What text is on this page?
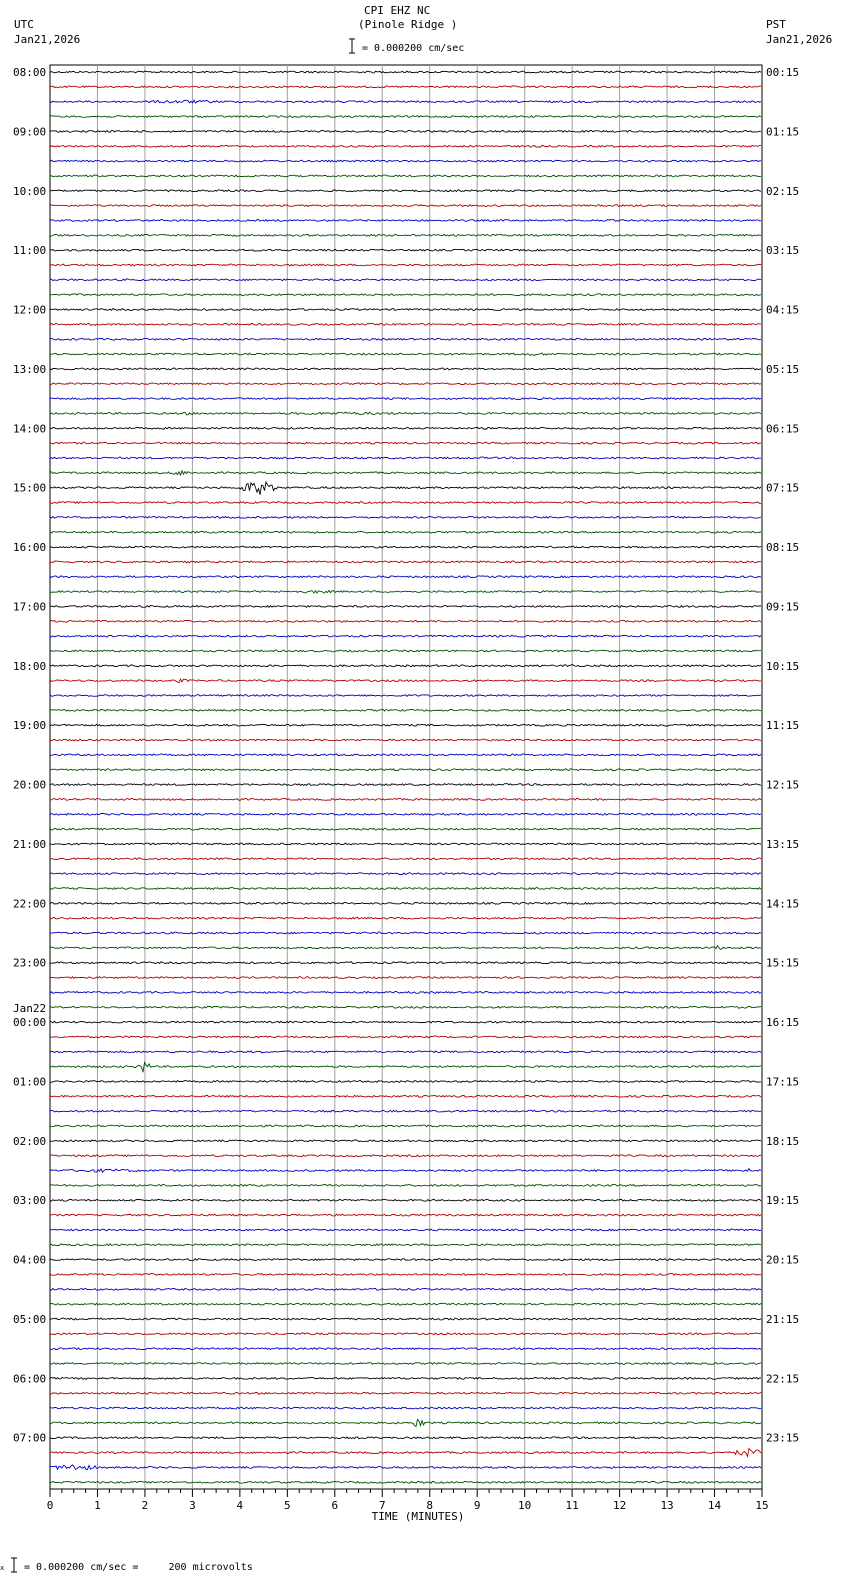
CPI EHZ NC
(Pinole Ridge )
= 0.000200 cm/sec
UTC
Jan21,2026
PST
Jan21,2026
08:00	00:15
09:00	01:15
10:00	02:15
11:00	03:15
12:00	04:15
13:00	05:15
14:00	06:15
15:00	07:15
16:00	08:15
17:00	09:15
18:00	10:15
19:00	11:15
20:00	12:15
21:00	13:15
22:00	14:15
23:00	15:15
00:00	16:15
01:00	17:15
02:00	18:15
03:00	19:15
04:00	20:15
05:00	21:15
06:00	22:15
07:00	23:15
Jan22
0	1	2	3	4	5	6	7	8	9	10	11	12	13	14	15
TIME (MINUTES)

x

= 0.000200 cm/sec =     200 microvolts
